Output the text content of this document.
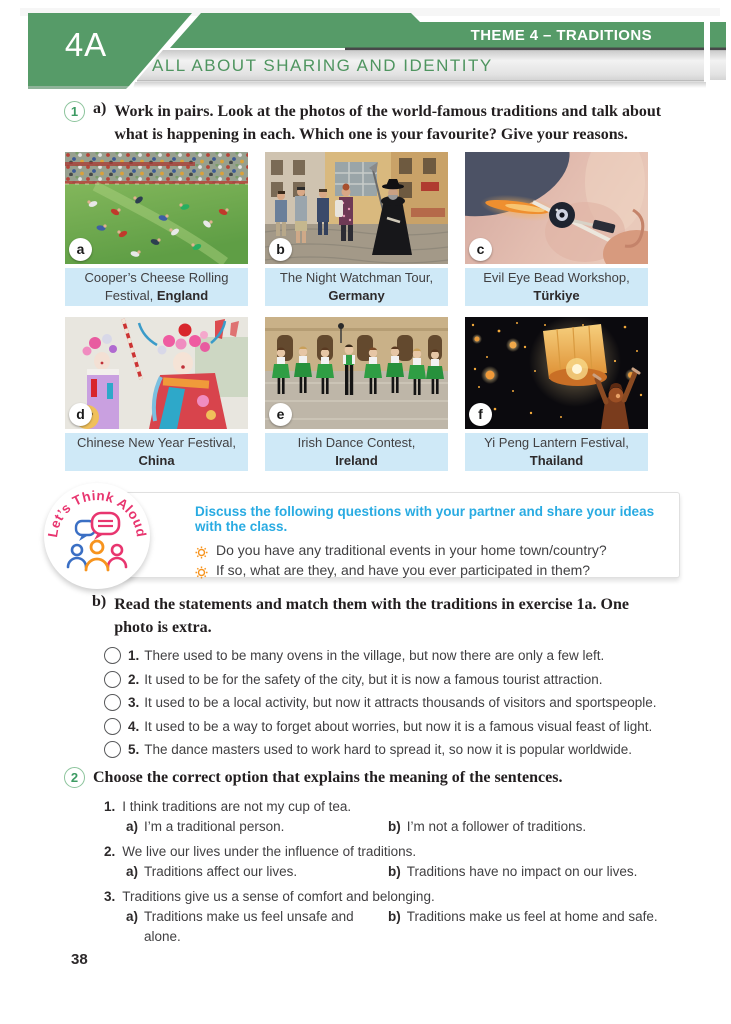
4A	THEME 4 – TRADITIONS
ALL ABOUT SHARING AND IDENTITY
1 a) Work in pairs. Look at the photos of the world-famous traditions and talk about what is happening in each. Which one is your favourite? Give your reasons.
a
Cooper’s Cheese Rolling
Festival, England
b
The Night Watchman Tour,
Germany
c
Evil Eye Bead Workshop,
Türkiye
d
Chinese New Year Festival,
China
e
Irish Dance Contest,
Ireland
f
Yi Peng Lantern Festival,
Thailand
Discuss the following questions with your partner and share your ideas with the class.
Do you have any traditional events in your home town/country?
If so, what are they, and have you ever participated in them?
Let’s Think Aloud
b) Read the statements and match them with the traditions in exercise 1a. One photo is extra.
1. There used to be many ovens in the village, but now there are only a few left.
2. It used to be for the safety of the city, but it is now a famous tourist attraction.
3. It used to be a local activity, but now it attracts thousands of visitors and sportspeople.
4. It used to be a way to forget about worries, but now it is a famous visual feast of light.
5. The dance masters used to work hard to spread it, so now it is popular worldwide.
2 Choose the correct option that explains the meaning of the sentences.
1. I think traditions are not my cup of tea.
a) I’m a traditional person.	b) I’m not a follower of traditions.
2. We live our lives under the influence of traditions.
a) Traditions affect our lives.	b) Traditions have no impact on our lives.
3. Traditions give us a sense of comfort and belonging.
a) Traditions make us feel unsafe and alone.
b) Traditions make us feel at home and safe.
38
